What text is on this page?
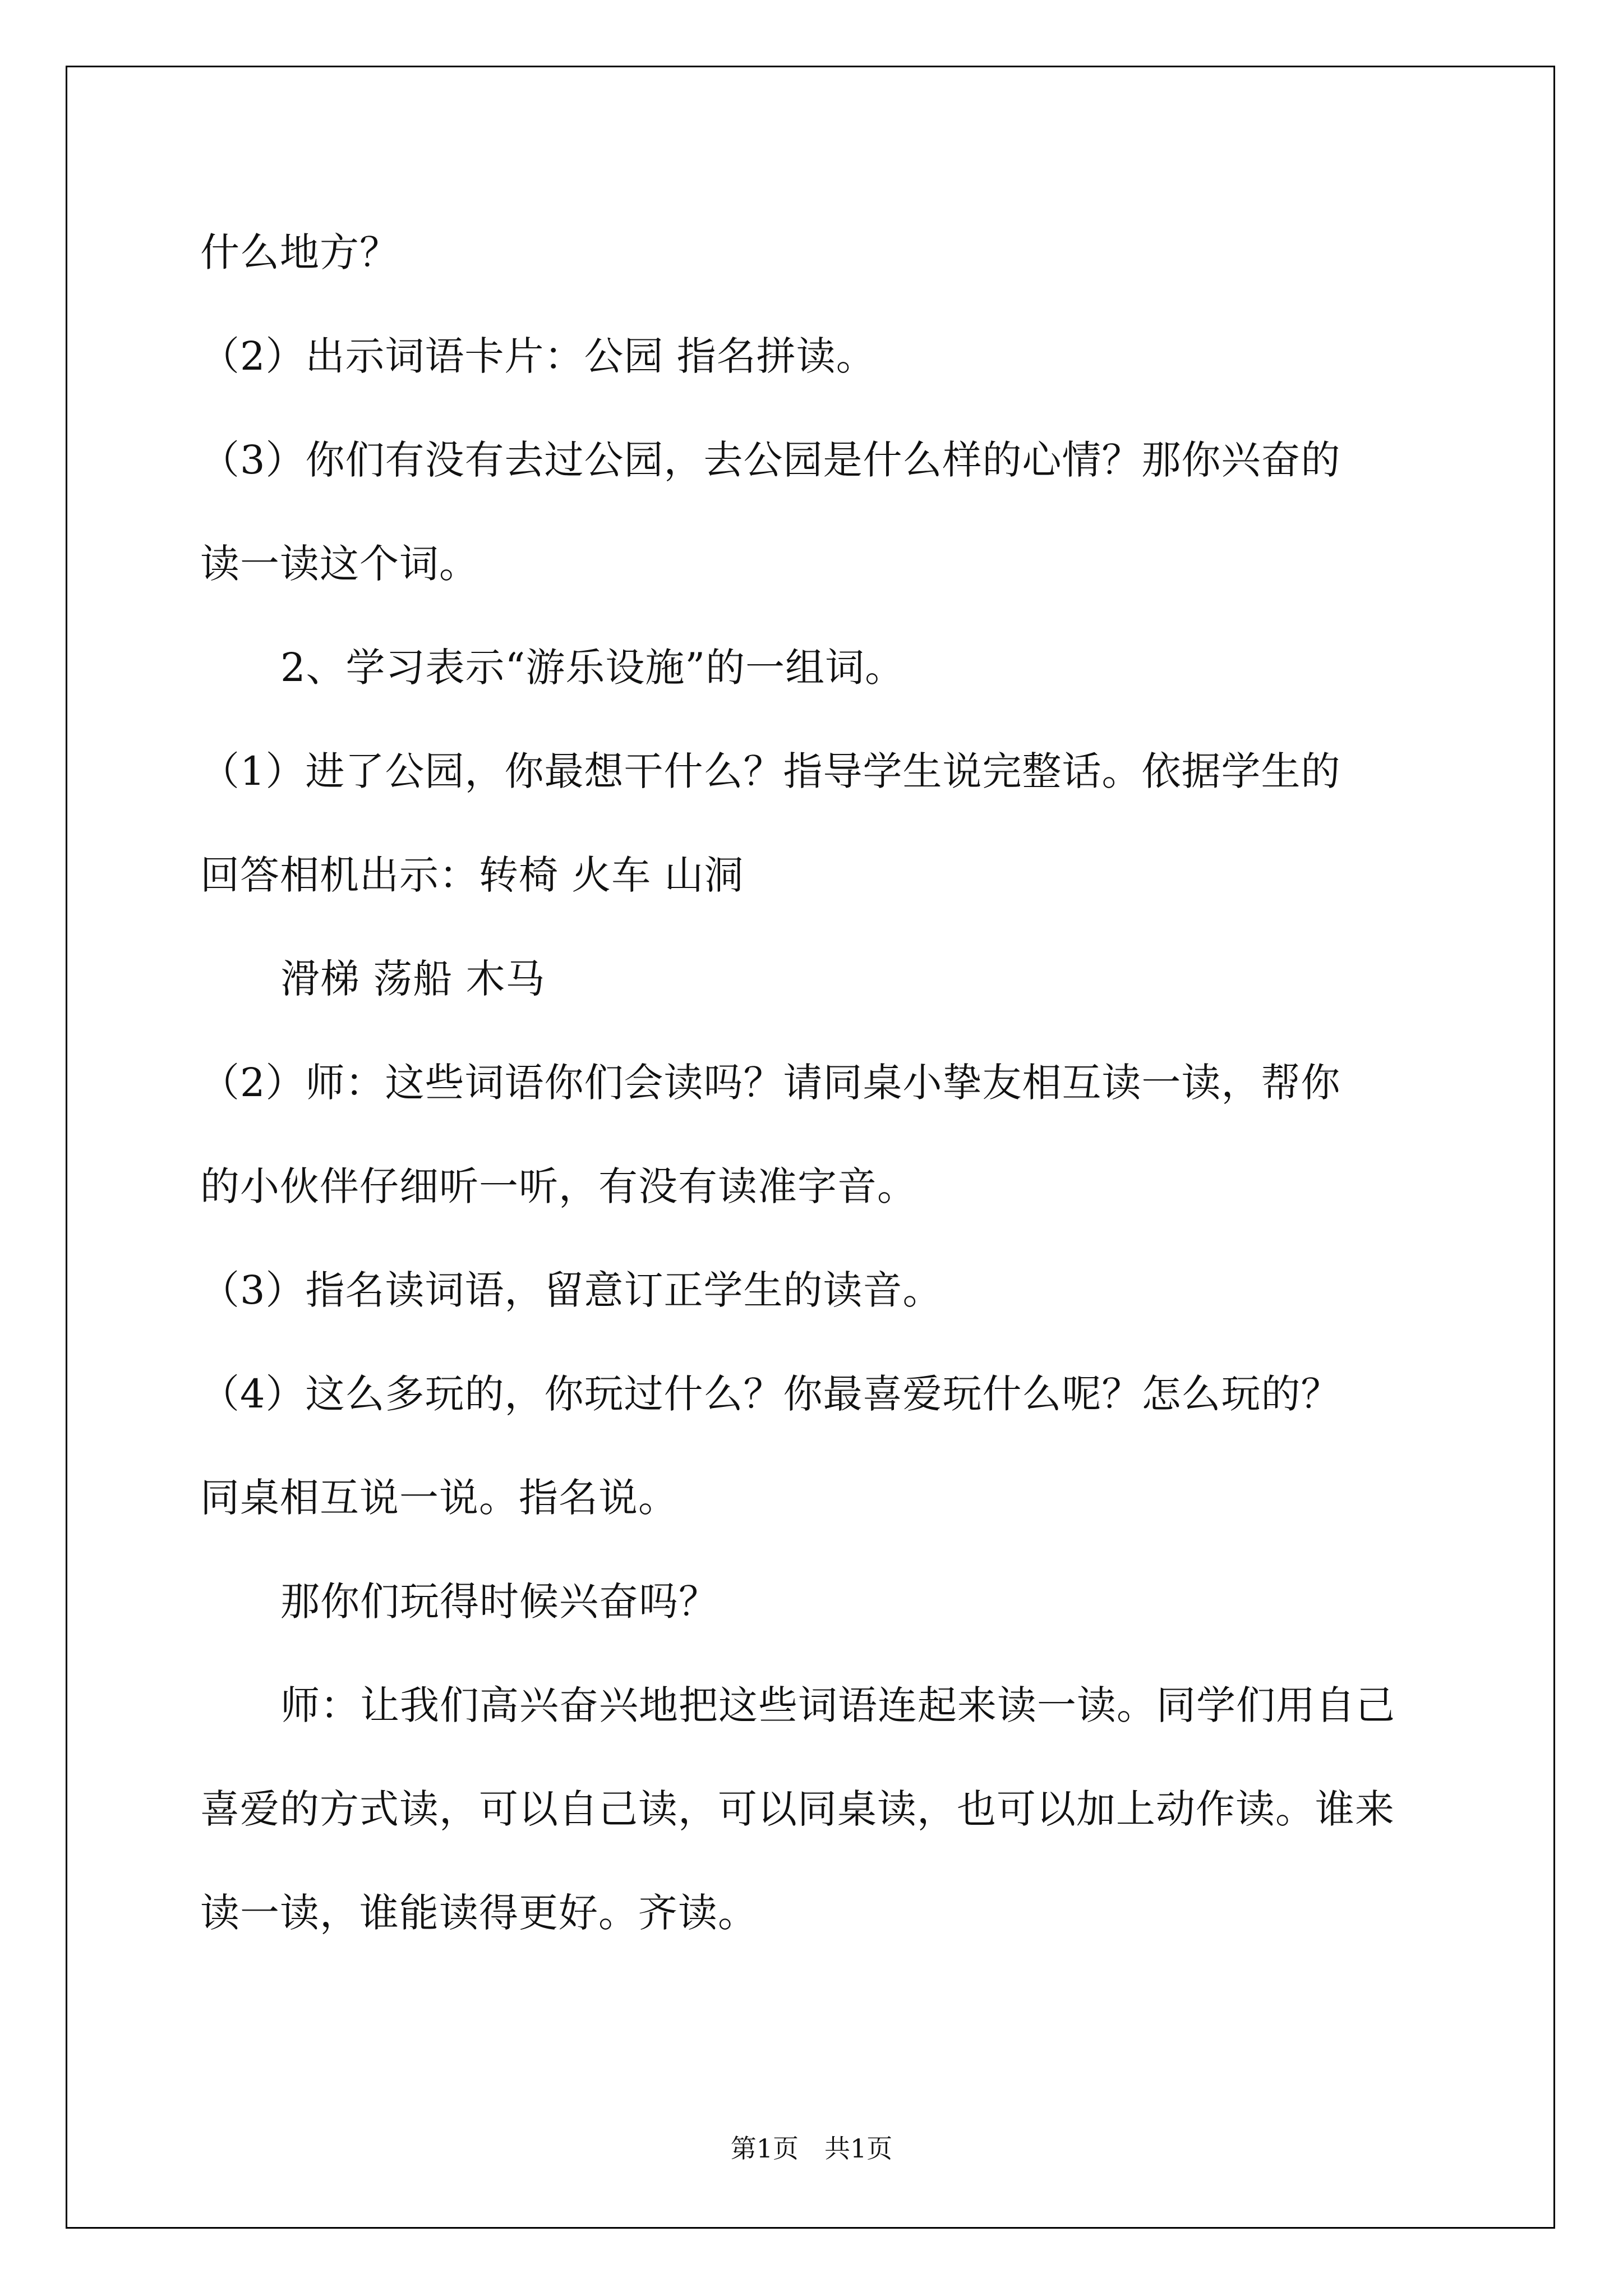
什么地方？

（2）出示词语卡片：公园 指名拼读。

（3）你们有没有去过公园，去公园是什么样的心情？那你兴奋的

读一读这个词。

2、学习表示“游乐设施”的一组词。

（1）进了公园，你最想干什么？指导学生说完整话。依据学生的

回答相机出示：转椅 火车 山洞

滑梯 荡船 木马

（2）师：这些词语你们会读吗？请同桌小挚友相互读一读，帮你

的小伙伴仔细听一听，有没有读准字音。

（3）指名读词语，留意订正学生的读音。

（4）这么多玩的，你玩过什么？你最喜爱玩什么呢？怎么玩的？

同桌相互说一说。指名说。

那你们玩得时候兴奋吗？

师：让我们高兴奋兴地把这些词语连起来读一读。同学们用自己

喜爱的方式读，可以自己读，可以同桌读，也可以加上动作读。谁来

读一读，谁能读得更好。齐读。

第1页　共1页
